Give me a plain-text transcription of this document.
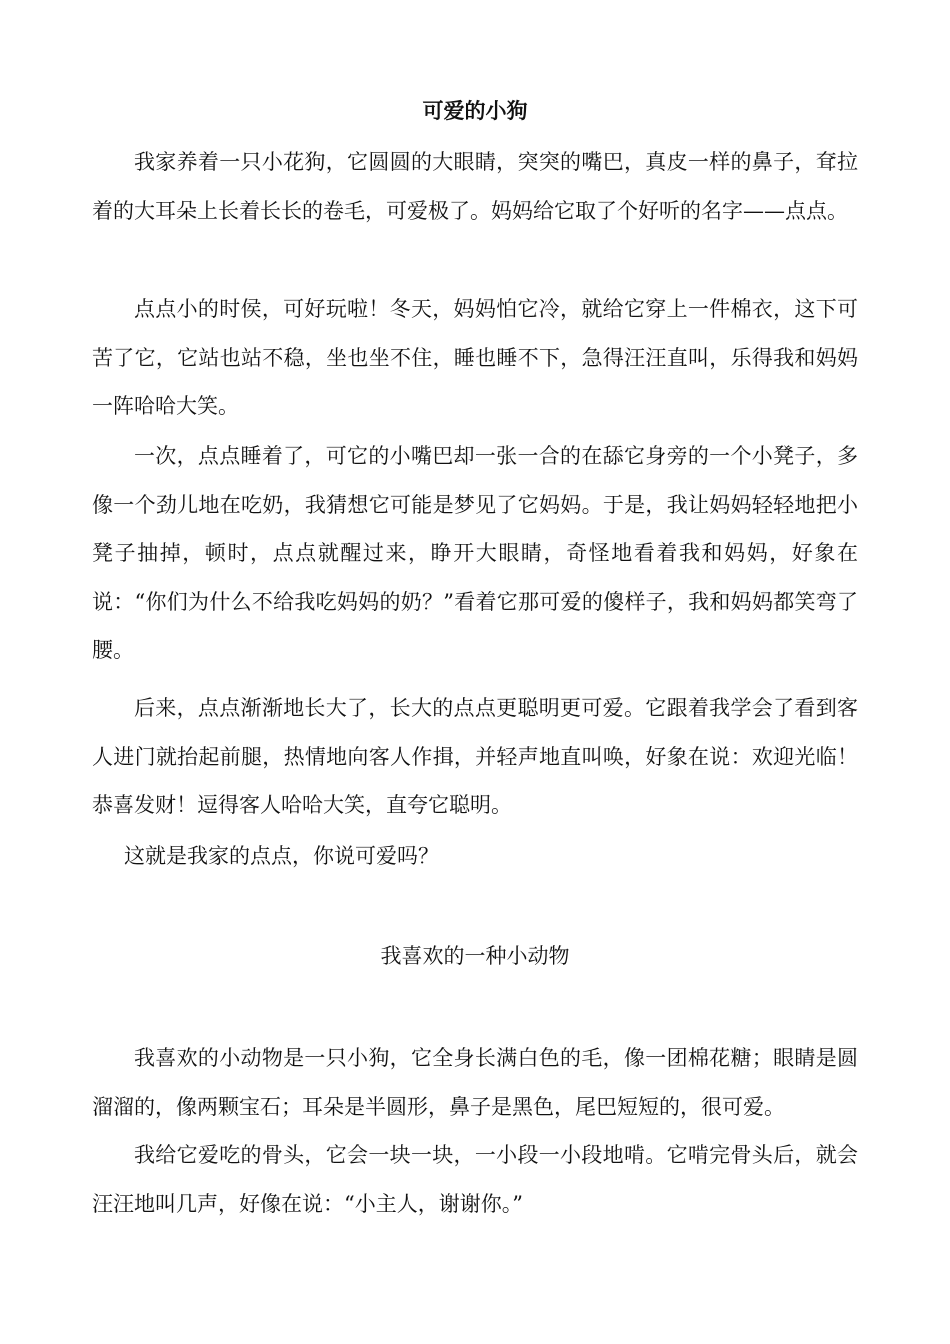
可爱的小狗

我家养着一只小花狗，它圆圆的大眼睛，突突的嘴巴，真皮一样的鼻子，耷拉着的大耳朵上长着长长的卷毛，可爱极了。妈妈给它取了个好听的名字——点点。

点点小的时侯，可好玩啦！冬天，妈妈怕它冷，就给它穿上一件棉衣，这下可苦了它，它站也站不稳，坐也坐不住，睡也睡不下，急得汪汪直叫，乐得我和妈妈一阵哈哈大笑。

一次，点点睡着了，可它的小嘴巴却一张一合的在舔它身旁的一个小凳子，多像一个劲儿地在吃奶，我猜想它可能是梦见了它妈妈。于是，我让妈妈轻轻地把小凳子抽掉，顿时，点点就醒过来，睁开大眼睛，奇怪地看着我和妈妈，好象在说：“你们为什么不给我吃妈妈的奶？”看着它那可爱的傻样子，我和妈妈都笑弯了腰。

后来，点点渐渐地长大了，长大的点点更聪明更可爱。它跟着我学会了看到客人进门就抬起前腿，热情地向客人作揖，并轻声地直叫唤，好象在说：欢迎光临！恭喜发财！逗得客人哈哈大笑，直夸它聪明。

这就是我家的点点，你说可爱吗？

我喜欢的一种小动物

我喜欢的小动物是一只小狗，它全身长满白色的毛，像一团棉花糖；眼睛是圆溜溜的，像两颗宝石；耳朵是半圆形，鼻子是黑色，尾巴短短的，很可爱。

我给它爱吃的骨头，它会一块一块，一小段一小段地啃。它啃完骨头后，就会汪汪地叫几声，好像在说：“小主人，谢谢你。”
